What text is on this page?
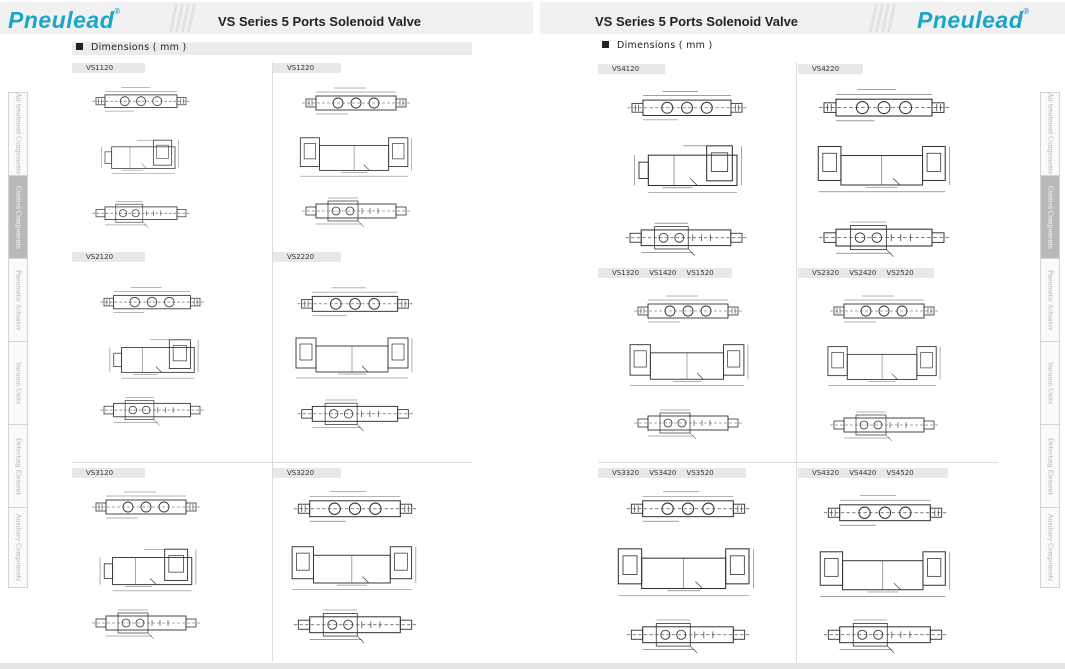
Pneulead®
VS Series 5 Ports Solenoid Valve	VS Series 5 Ports Solenoid Valve	Pneulead®
Dimensions ( mm )	Dimensions ( mm )
Air treatment Components
Control Components
Pneumatic Actuator
Vacuum Units
Detecting Element
Auxiliary Components
Air treatment Components
Control Components
Pneumatic Actuator
Vacuum Units
Detecting Element
Auxiliary Components
VS1120	VS1220
VS2120	VS2220
VS3120	VS3220
VS4120	VS4220
VS1320 VS1420 VS1520	VS2320 VS2420 VS2520
VS3320 VS3420 VS3520	VS4320 VS4420 VS4520
